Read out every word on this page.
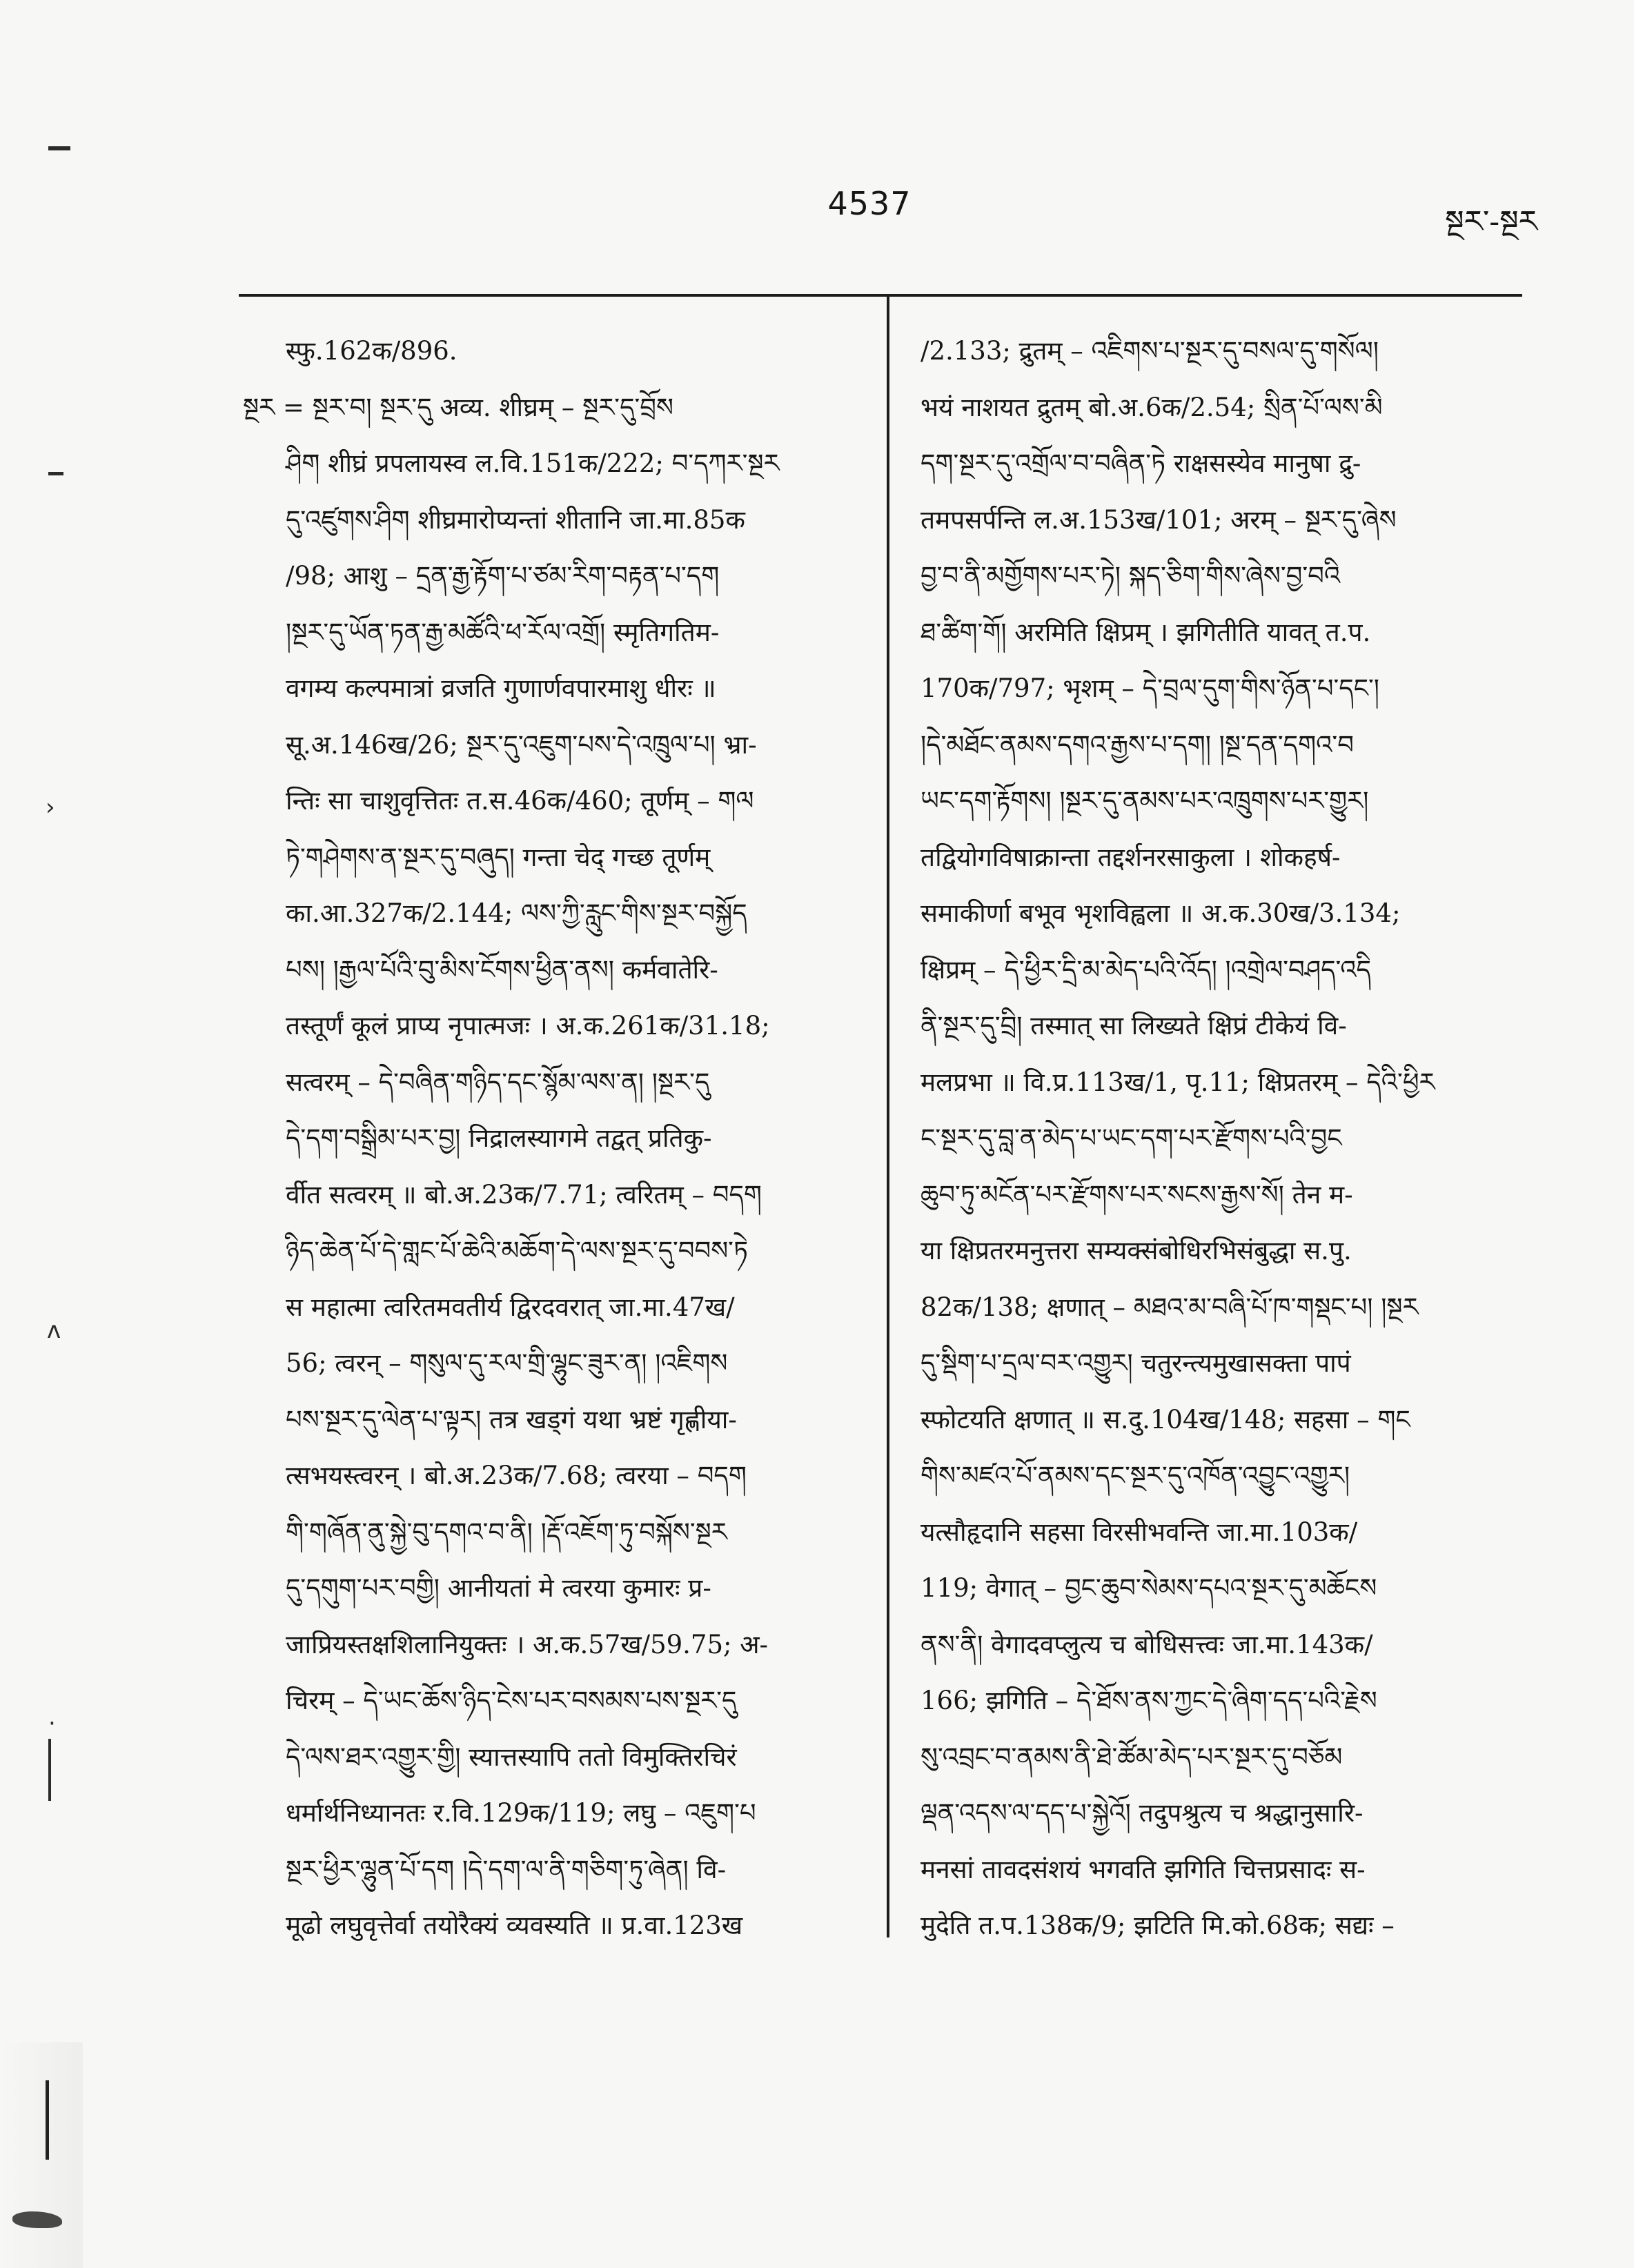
4537	སྔར་-སྔར
स्फु.162क/896.
སྔར = སྔར་བ། སྔར་དུ अव्य. शीघ्रम् – སྔར་དུ་བྲོས
ཤིག शीघ्रं प्रपलायस्व ल.वि.151क/222; བ་དཀར་སྔར
དུ་འཛུགས་ཤིག शीघ्रमारोप्यन्तां शीतानि जा.मा.85क
/98; आशु – དྲན་རྒྱ་རྟོག་པ་ཙམ་རིག་བརྟན་པ་དག
།སྔར་དུ་ཡོན་ཏན་རྒྱ་མཚོའི་ཕ་རོལ་འགྲོ། स्मृतिगतिम-
वगम्य कल्पमात्रां व्रजति गुणार्णवपारमाशु धीरः ॥
सू.अ.146ख/26; སྔར་དུ་འཇུག་པས་དེ་འཁྲུལ་པ། भ्रा-
न्तिः सा चाशुवृत्तितः त.स.46क/460; तूर्णम् – གལ
ཏེ་གཤེགས་ན་སྔར་དུ་བཞུད། गन्ता चेद् गच्छ तूर्णम्
का.आ.327क/2.144; ལས་ཀྱི་རླུང་གིས་སྔར་བསྐྱོད
པས། །རྒྱལ་པོའི་བུ་མིས་ངོགས་ཕྱིན་ནས། कर्मवातेरि-
तस्तूर्णं कूलं प्राप्य नृपात्मजः । अ.क.261क/31.18;
सत्वरम् – དེ་བཞིན་གཉིད་དང་སྙོམ་ལས་ན། །སྔར་དུ
དེ་དག་བསྒྲིམ་པར་བྱ། निद्रालस्यागमे तद्वत् प्रतिकु-
र्वीत सत्वरम् ॥ बो.अ.23क/7.71; त्वरितम् – བདག
ཉིད་ཆེན་པོ་དེ་གླང་པོ་ཆེའི་མཆོག་དེ་ལས་སྔར་དུ་བབས་ཏེ
स महात्मा त्वरितमवतीर्य द्विरदवरात् जा.मा.47ख/
56; त्वरन् – གསུལ་དུ་རལ་གྲི་ལྷུང་ཟུར་ན། །འཇིགས
པས་སྔར་དུ་ལེན་པ་ལྟར། तत्र खड्गं यथा भ्रष्टं गृह्णीया-
त्सभयस्त्वरन् । बो.अ.23क/7.68; त्वरया – བདག
གི་གཞོན་ནུ་སྐྱེ་བུ་དགའ་བ་ནི། །རྡོ་འཇོག་ཏུ་བསྐོས་སྔར
དུ་དགུག་པར་བགྱི། आनीयतां मे त्वरया कुमारः प्र-
जाप्रियस्तक्षशिलानियुक्तः । अ.क.57ख/59.75; अ-
चिरम् – དེ་ཡང་ཆོས་ཉིད་ངེས་པར་བསམས་པས་སྔར་དུ
དེ་ལས་ཐར་འགྱུར་གྱི། स्यात्तस्यापि ततो विमुक्तिरचिरं
धर्मार्थनिध्यानतः र.वि.129क/119; लघु – འཇུག་པ
སྔར་ཕྱིར་ལྷུན་པོ་དག །དེ་དག་ལ་ནི་གཅིག་ཏུ་ཞེན། वि-
मूढो लघुवृत्तेर्वा तयोरैक्यं व्यवस्यति ॥ प्र.वा.123ख
/2.133; द्रुतम् – འཇིགས་པ་སྔར་དུ་བསལ་དུ་གསོལ།
भयं नाशयत द्रुतम् बो.अ.6क/2.54; སྲིན་པོ་ལས་མི
དག་སྔར་དུ་འགྲོལ་བ་བཞིན་ཏེ राक्षसस्येव मानुषा द्रु-
तमपसर्पन्ति ल.अ.153ख/101; अरम् – སྔར་དུ་ཞེས
བྱ་བ་ནི་མགྱོགས་པར་ཏེ། སྐད་ཅིག་གིས་ཞེས་བྱ་བའི
ཐ་ཚིག་གོ། अरमिति क्षिप्रम् । झगितीति यावत् त.प.
170क/797; भृशम् – དེ་བྲལ་དུག་གིས་ཉོན་པ་དང་།
།དེ་མཐོང་ནམས་དགའ་རྒྱས་པ་དག། །སྔ་དན་དགའ་བ
ཡང་དག་རྟོགས། །སྔར་དུ་ནམས་པར་འཁྲུགས་པར་གྱུར།
तद्वियोगविषाक्रान्ता तद्दर्शनरसाकुला । शोकहर्ष-
समाकीर्णा बभूव भृशविह्वला ॥ अ.क.30ख/3.134;
क्षिप्रम् – དེ་ཕྱིར་དྲི་མ་མེད་པའི་འོད། །འགྲེལ་བཤད་འདི
ནི་སྔར་དུ་བྲི། तस्मात् सा लिख्यते क्षिप्रं टीकेयं वि-
मलप्रभा ॥ वि.प्र.113ख/1, पृ.11; क्षिप्रतरम् – དེའི་ཕྱིར
ང་སྔར་དུ་བླ་ན་མེད་པ་ཡང་དག་པར་རྫོགས་པའི་བྱང
ཆུབ་ཏུ་མངོན་པར་རྫོགས་པར་སངས་རྒྱས་སོ། तेन म-
या क्षिप्रतरमनुत्तरा सम्यक्संबोधिरभिसंबुद्धा स.पु.
82क/138; क्षणात् – མཐའ་མ་བཞི་པོ་ཁ་གསྡང་པ། །སྔར
དུ་སྡིག་པ་དྲལ་བར་འགྱུར། चतुरन्त्यमुखासक्ता पापं
स्फोटयति क्षणात् ॥ स.दु.104ख/148; सहसा – གང
གིས་མཛའ་པོ་ནམས་དང་སྔར་དུ་འཁོན་འབྱུང་འགྱུར།
यत्सौहृदानि सहसा विरसीभवन्ति जा.मा.103क/
119; वेगात् – བྱང་ཆུབ་སེམས་དཔའ་སྔར་དུ་མཆོངས
ནས་ནི། वेगादवप्लुत्य च बोधिसत्त्वः जा.मा.143क/
166; झगिति – དེ་ཐོས་ནས་ཀྱང་དེ་ཞིག་དད་པའི་རྗེས
སུ་འབྲང་བ་ནམས་ནི་ཐེ་ཚོམ་མེད་པར་སྔར་དུ་བཅོམ
ལྡན་འདས་ལ་དད་པ་སྐྱེའོ། तदुपश्रुत्य च श्रद्धानुसारि-
मनसां तावदसंशयं भगवति झगिति चित्तप्रसादः स-
मुदेति त.प.138क/9; झटिति मि.को.68क; सद्यः –
›
ʌ
·
